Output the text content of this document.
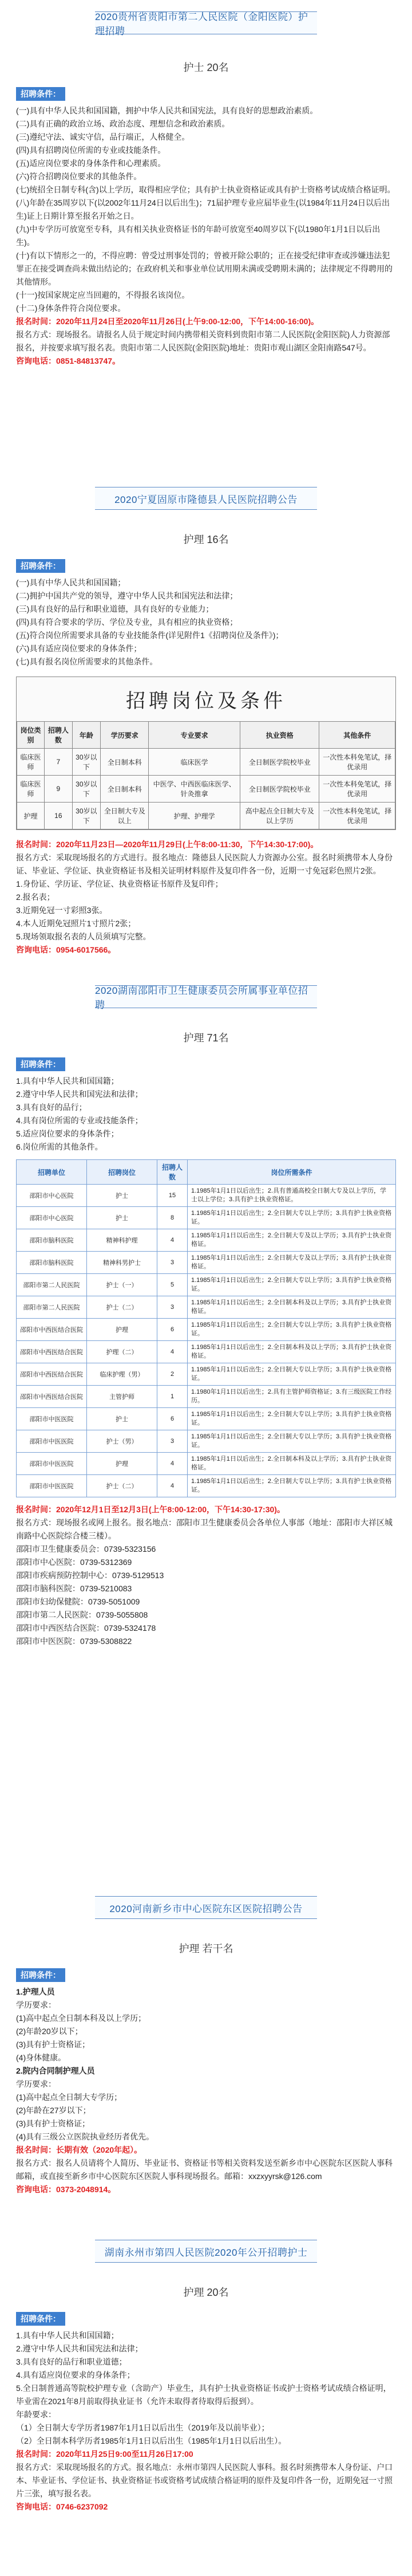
2020贵州省贵阳市第二人民医院（金阳医院）护理招聘
护士 20名
招聘条件：

(一)具有中华人民共和国国籍，拥护中华人民共和国宪法，具有良好的思想政治素质。

(二)具有正确的政治立场、政治态度、理想信念和政治素质。

(三)遵纪守法、诚实守信，品行端正，人格健全。

(四)具有招聘岗位所需的专业或技能条件。

(五)适应岗位要求的身体条件和心理素质。

(六)符合招聘岗位要求的其他条件。

(七)统招全日制专科(含)以上学历，取得相应学位；具有护士执业资格证或具有护士资格考试成绩合格证明。

(八)年龄在35周岁以下(以2002年11月24日以后出生)；71届护理专业应届毕业生(以1984年11月24日以后出生)证上日期计算至报名开始之日。

(九)中专学历可放宽至专科，具有相关执业资格证书的年龄可放宽至40周岁以下(以1980年1月1日以后出生)。

(十)有以下情形之一的，不得应聘：曾受过刑事处罚的；曾被开除公职的；正在接受纪律审查或涉嫌违法犯罪正在接受调查尚未做出结论的；在政府机关和事业单位试用期未满或受聘期未满的；法律规定不得聘用的其他情形。

(十一)按国家规定应当回避的，不得报名该岗位。

(十二)身体条件符合岗位要求。

报名时间：2020年11月24日至2020年11月26日(上午9:00-12:00，下午14:00-16:00)。

报名方式：现场报名。请报名人员于规定时间内携带相关资料到贵阳市第二人民医院(金阳医院)人力资源部报名，并按要求填写报名表。贵阳市第二人民医院(金阳医院)地址：贵阳市观山湖区金阳南路547号。

咨询电话：0851-84813747。

2020宁夏固原市隆德县人民医院招聘公告
护理 16名
招聘条件：

(一)具有中华人民共和国国籍；

(二)拥护中国共产党的领导，遵守中华人民共和国宪法和法律；

(三)具有良好的品行和职业道德，具有良好的专业能力；

(四)具有符合要求的学历、学位及专业，具有相应的执业资格；

(五)符合岗位所需要求具备的专业技能条件(详见附件1《招聘岗位及条件》)；

(六)具有适应岗位要求的身体条件；

(七)具有报名岗位所需要求的其他条件。

招聘岗位及条件
岗位类别	招聘人数	年龄	学历要求	专业要求	执业资格	其他条件
临床医师	7	30岁以下	全日制本科	临床医学	全日制医学院校毕业	一次性本科免笔试，择优录用
临床医师	9	30岁以下	全日制本科	中医学、中西医临床医学、针灸推拿	全日制医学院校毕业	一次性本科免笔试，择优录用
护理	16	30岁以下	全日制大专及以上	护理、护理学	高中起点全日制大专及以上学历	一次性本科免笔试，择优录用

报名时间：2020年11月23日—2020年11月29日(上午8:00-11:30，下午14:30-17:00)。

报名方式：采取现场报名的方式进行。报名地点：隆德县人民医院人力资源办公室。报名时须携带本人身份证、毕业证、学位证、执业资格证书及相关证明材料原件及复印件各一份，近期一寸免冠彩色照片2张。

1.身份证、学历证、学位证、执业资格证书原件及复印件；

2.报名表；

3.近期免冠一寸彩照3张。

4.本人近期免冠照片1寸照片2张；

5.现场领取报名表的人员须填写完整。

咨询电话：0954-6017566。

2020湖南邵阳市卫生健康委员会所属事业单位招聘
护理 71名
招聘条件：

1.具有中华人民共和国国籍；

2.遵守中华人民共和国宪法和法律；

3.具有良好的品行；

4.具有岗位所需的专业或技能条件；

5.适应岗位要求的身体条件；

6.岗位所需的其他条件。

招聘单位	招聘岗位	招聘人数	岗位所需条件
邵阳市中心医院	护士	15	1.1985年1月1日以后出生；2.具有普通高校全日制大专及以上学历，学士以上学位；3.具有护士执业资格证。
邵阳市中心医院	护士	8	1.1985年1月1日以后出生；2.全日制大专以上学历；3.具有护士执业资格证。
邵阳市脑科医院	精神科护理	4	1.1985年1月1日以后出生；2.全日制大专及以上学历；3.具有护士执业资格证。
邵阳市脑科医院	精神科男护士	3	1.1985年1月1日以后出生；2.全日制大专及以上学历；3.具有护士执业资格证。
邵阳市第二人民医院	护士（一）	5	1.1985年1月1日以后出生；2.全日制大专以上学历；3.具有护士执业资格证。
邵阳市第二人民医院	护士（二）	3	1.1985年1月1日以后出生；2.全日制本科及以上学历；3.具有护士执业资格证。
邵阳市中西医结合医院	护理	6	1.1985年1月1日以后出生；2.全日制大专以上学历；3.具有护士执业资格证。
邵阳市中西医结合医院	护理（二）	4	1.1985年1月1日以后出生；2.全日制本科及以上学历；3.具有护士执业资格证。
邵阳市中西医结合医院	临床护理（男）	2	1.1985年1月1日以后出生；2.全日制大专以上学历；3.具有护士执业资格证。
邵阳市中西医结合医院	主管护师	1	1.1980年1月1日以后出生；2.具有主管护师资格证；3.有三级医院工作经历。
邵阳市中医医院	护士	6	1.1985年1月1日以后出生；2.全日制大专以上学历；3.具有护士执业资格证。
邵阳市中医医院	护士（男）	3	1.1985年1月1日以后出生；2.全日制大专以上学历；3.具有护士执业资格证。
邵阳市中医医院	护理	4	1.1985年1月1日以后出生；2.全日制本科及以上学历；3.具有护士执业资格证。
邵阳市中医医院	护士（二）	4	1.1985年1月1日以后出生；2.全日制大专以上学历；3.具有护士执业资格证。

报名时间：2020年12月1日至12月3日(上午8:00-12:00，下午14:30-17:30)。

报名方式：现场报名或网上报名。报名地点：邵阳市卫生健康委员会各单位人事部（地址：邵阳市大祥区城南路中心医院综合楼三楼）。

邵阳市卫生健康委员会：0739-5323156

邵阳市中心医院：0739-5312369

邵阳市疾病预防控制中心：0739-5129513

邵阳市脑科医院：0739-5210083

邵阳市妇幼保健院：0739-5051009

邵阳市第二人民医院：0739-5055808

邵阳市中西医结合医院：0739-5324178

邵阳市中医医院：0739-5308822

2020河南新乡市中心医院东区医院招聘公告
护理 若干名
招聘条件：

1.护理人员

学历要求：

(1)高中起点全日制本科及以上学历；

(2)年龄20岁以下；

(3)具有护士资格证；

(4)身体健康。

2.院内合同制护理人员

学历要求：

(1)高中起点全日制大专学历；

(2)年龄在27岁以下；

(3)具有护士资格证；

(4)具有三级公立医院执业经历者优先。

报名时间：长期有效（2020年起）。

报名方式：报名人员请将个人简历、毕业证书、资格证书等相关资料发送至新乡市中心医院东区医院人事科邮箱，或直接至新乡市中心医院东区医院人事科现场报名。邮箱：xxzxyyrsk@126.com

咨询电话：0373-2048914。

湖南永州市第四人民医院2020年公开招聘护士
护理 20名
招聘条件：

1.具有中华人民共和国国籍；

2.遵守中华人民共和国宪法和法律；

3.具有良好的品行和职业道德；

4.具有适应岗位要求的身体条件；

5.全日制普通高等院校护理专业（含助产）毕业生，具有护士执业资格证书或护士资格考试成绩合格证明，毕业需在2021年8月前取得执业证书（允许未取得者待取得后报到）。

年龄要求：

（1）全日制大专学历者1987年1月1日以后出生（2019年及以前毕业）；

（2）全日制本科学历者1985年1月1日以后出生（1985年1月1日以后出生）。

报名时间：2020年11月25日9:00至11月26日17:00

报名方式：采取现场报名的方式。报名地点：永州市第四人民医院人事科。报名时须携带本人身份证、户口本、毕业证书、学位证书、执业资格证书或资格考试成绩合格证明的原件及复印件各一份，近期免冠一寸照片三张，填写报名表。

咨询电话：0746-6237092
